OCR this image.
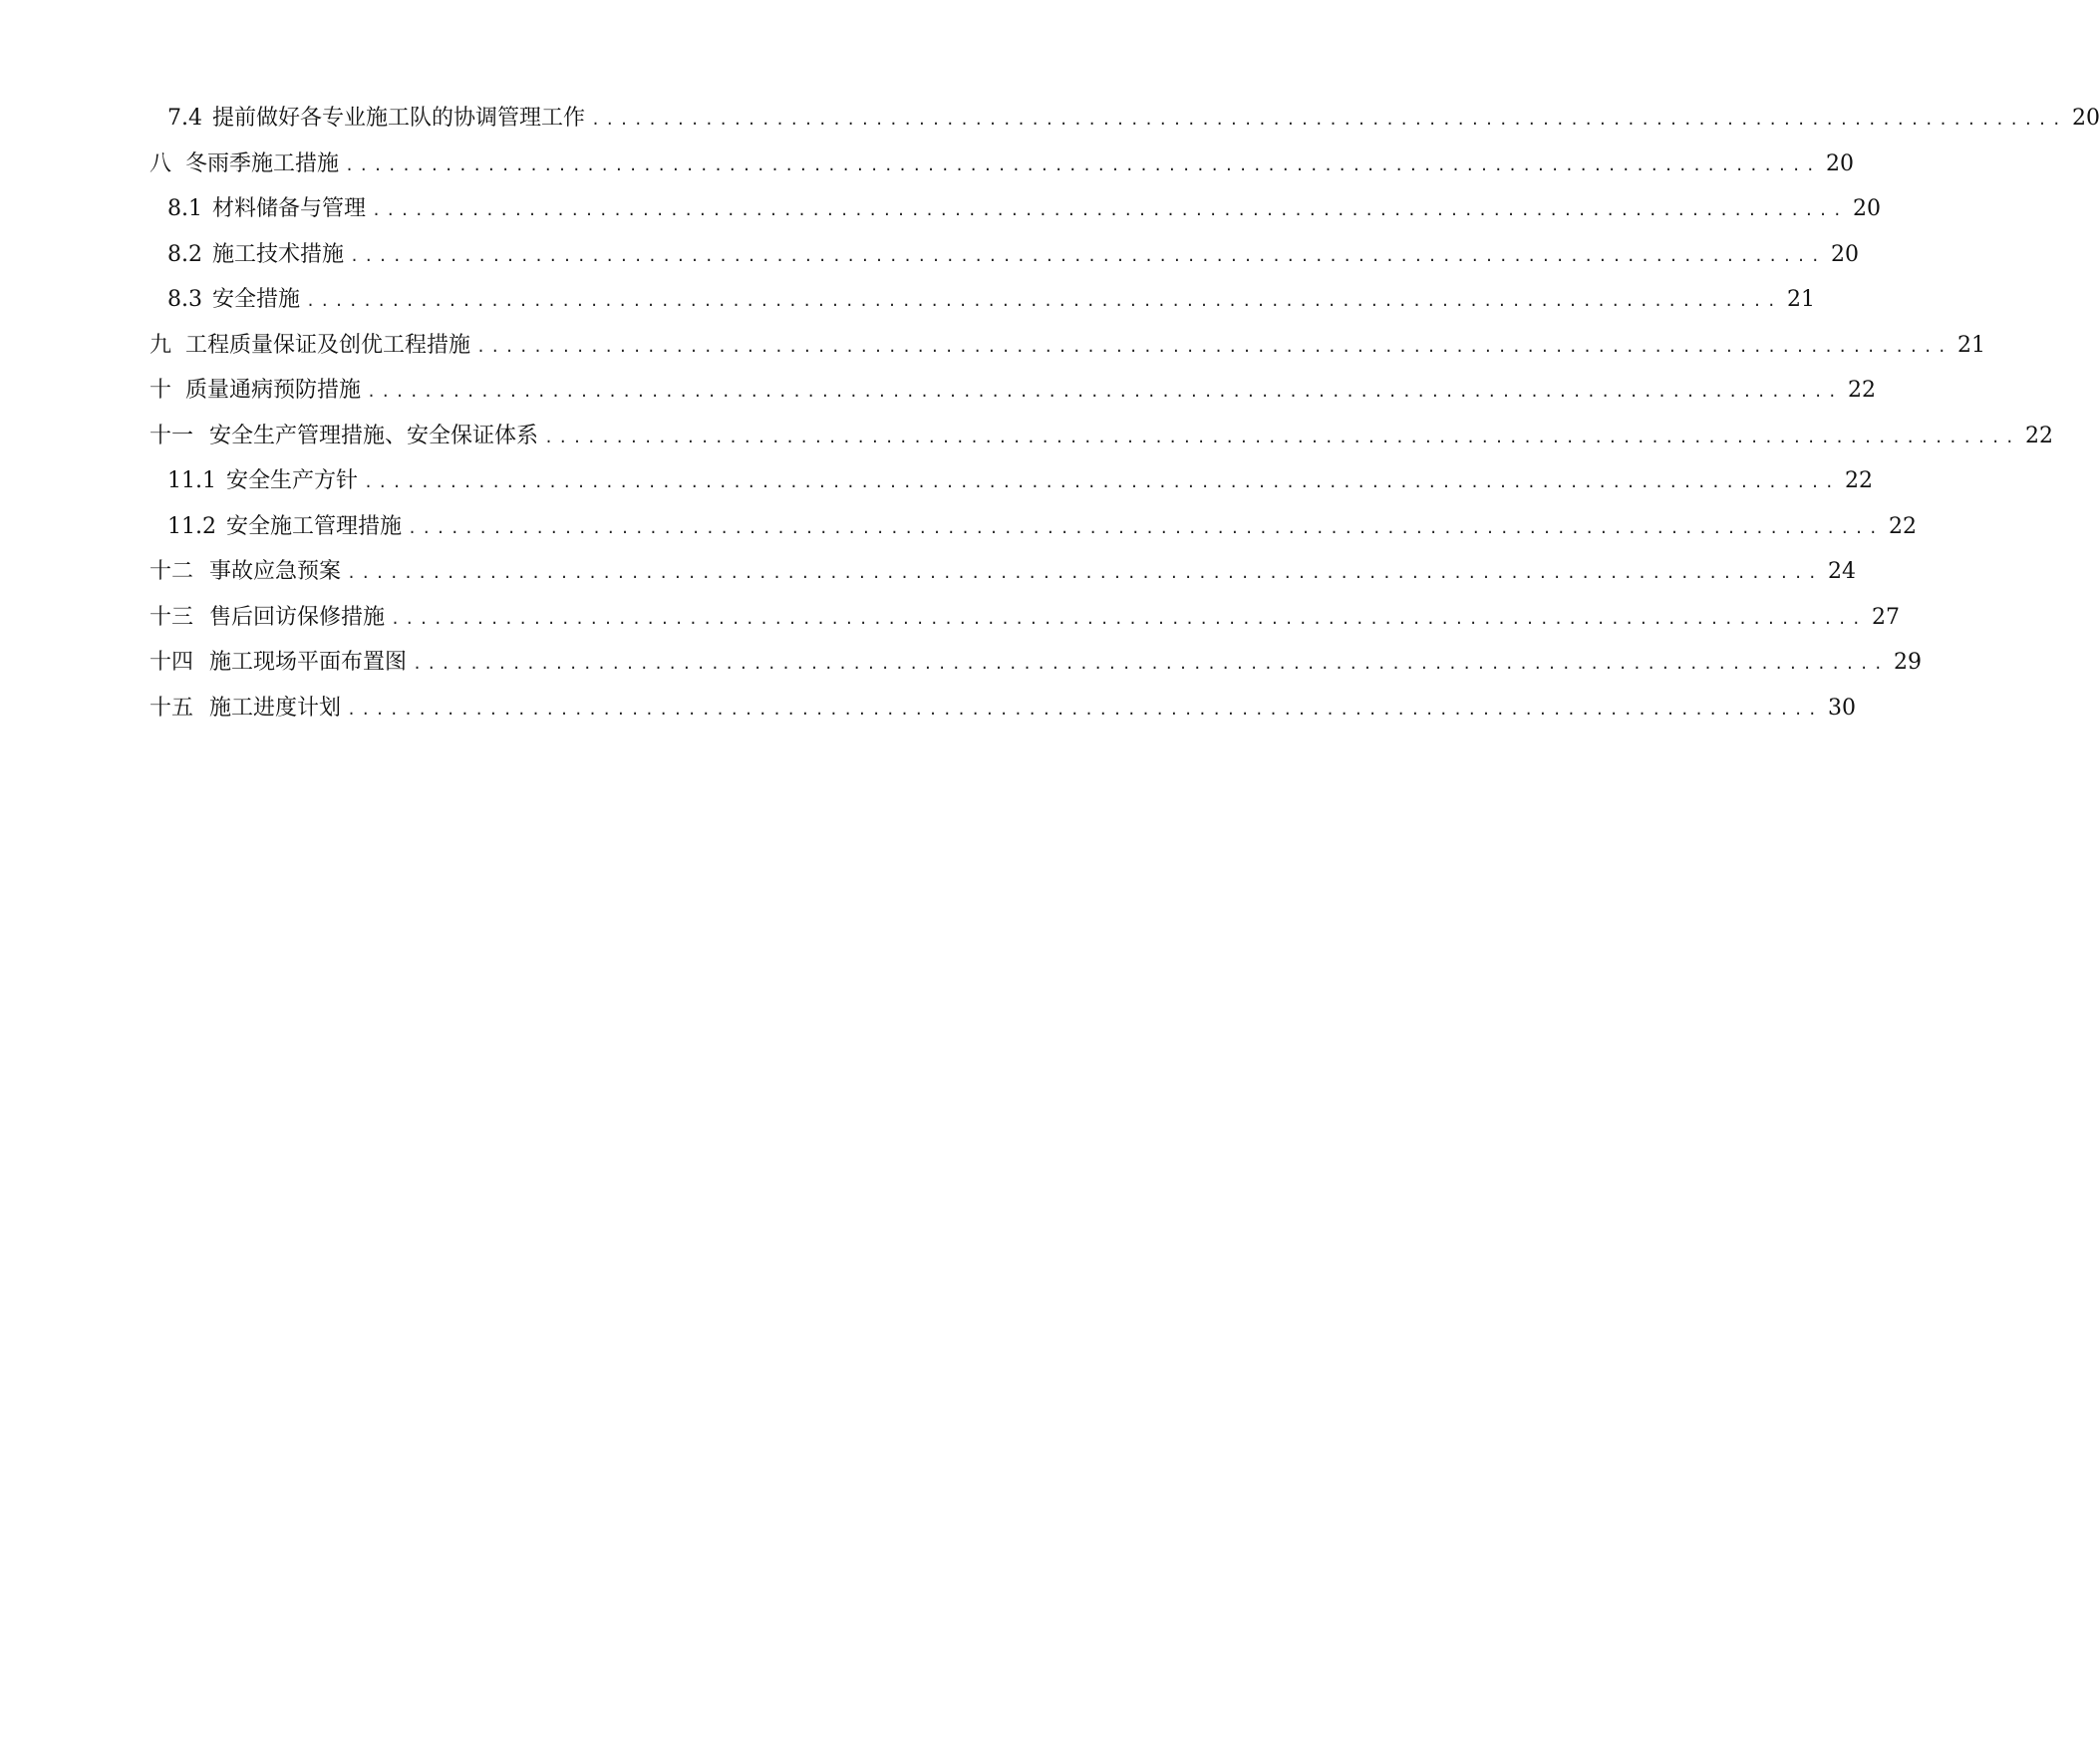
7.4 提前做好各专业施工队的协调管理工作 ........................................................................................................ 20
八 冬雨季施工措施 ........................................................................................................ 20
8.1 材料储备与管理 ........................................................................................................ 20
8.2 施工技术措施 ........................................................................................................ 20
8.3 安全措施 ........................................................................................................ 21
九 工程质量保证及创优工程措施 ........................................................................................................ 21
十 质量通病预防措施 ........................................................................................................ 22
十一 安全生产管理措施、安全保证体系 ........................................................................................................ 22
11.1 安全生产方针 ........................................................................................................ 22
11.2 安全施工管理措施 ........................................................................................................ 22
十二 事故应急预案 ........................................................................................................ 24
十三 售后回访保修措施 ........................................................................................................ 27
十四 施工现场平面布置图 ........................................................................................................ 29
十五 施工进度计划 ........................................................................................................ 30
